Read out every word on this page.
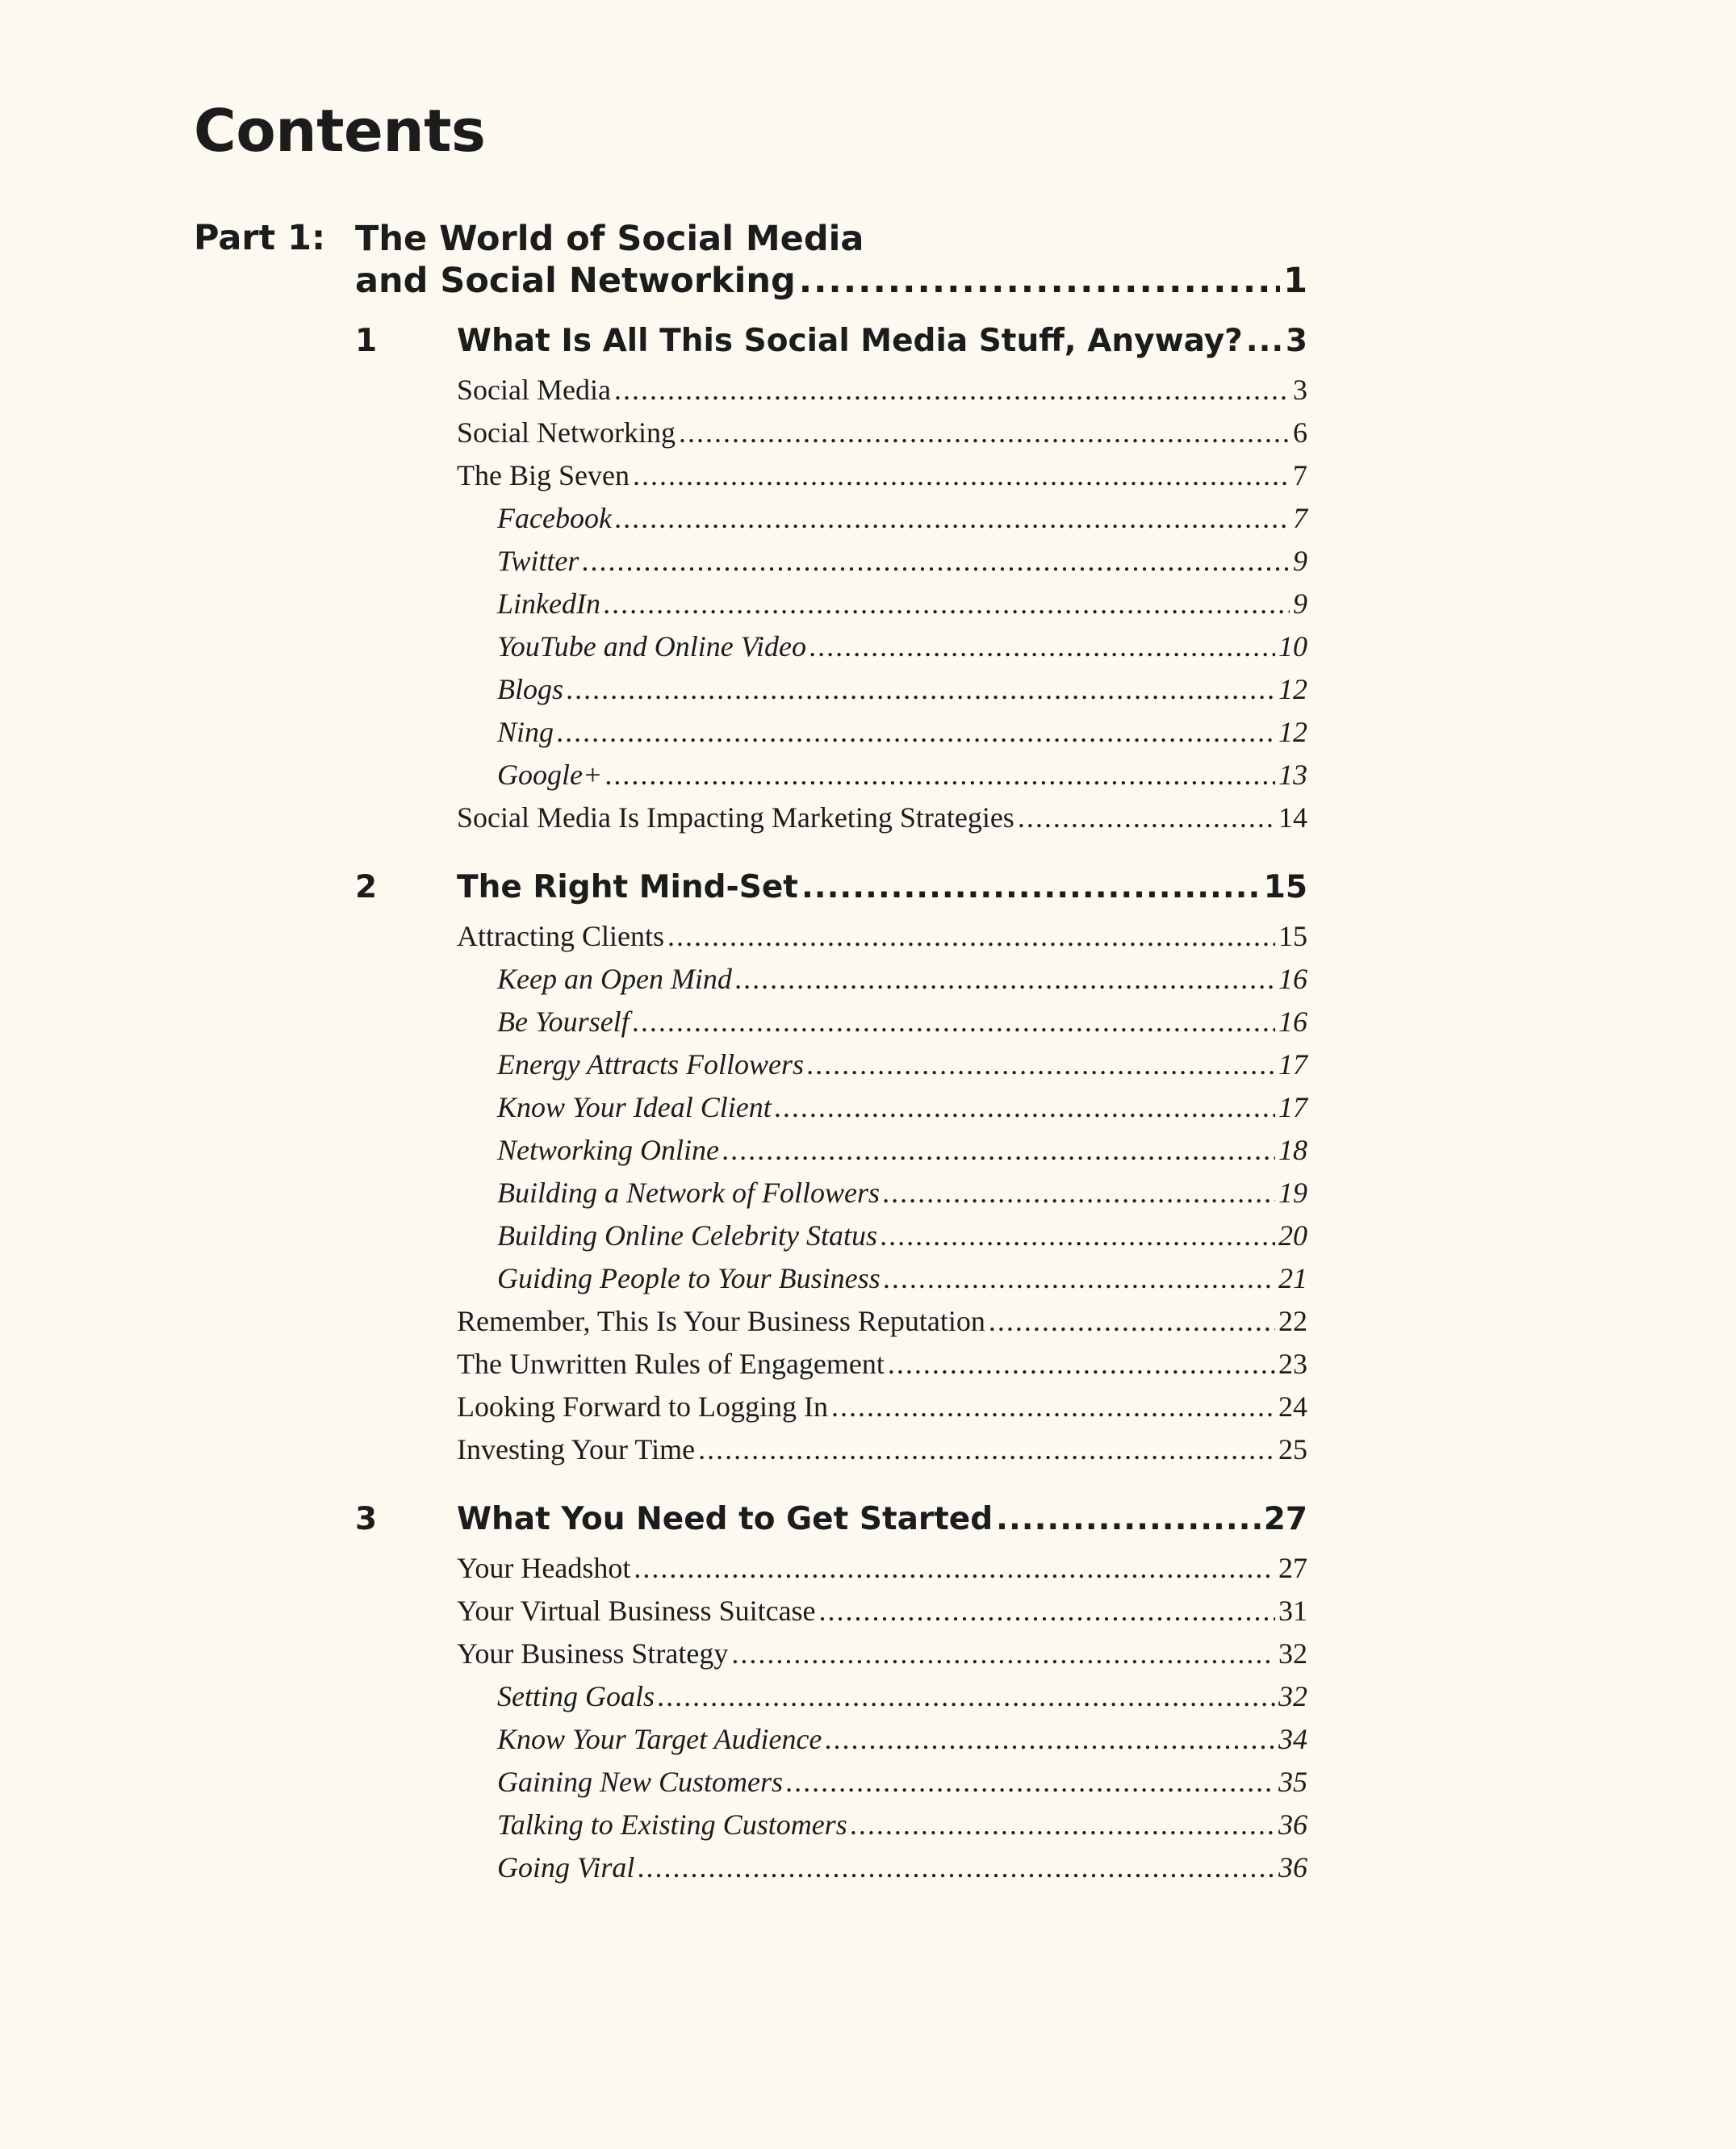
Contents
Part 1: The World of Social Media
and Social Networking .....	1
1	What Is All This Social Media Stuff, Anyway? ..... 3
Social Media .....	3
Social Networking .....	6
The Big Seven .....	7
Facebook .....	7
Twitter .....	9
LinkedIn .....	9
YouTube and Online Video .....	10
Blogs .....	12
Ning .....	12
Google+ .....	13
Social Media Is Impacting Marketing Strategies .....	14
2	The Right Mind-Set .....	15
Attracting Clients .....	15
Keep an Open Mind .....	16
Be Yourself .....	16
Energy Attracts Followers .....	17
Know Your Ideal Client .....	17
Networking Online .....	18
Building a Network of Followers .....	19
Building Online Celebrity Status .....	20
Guiding People to Your Business .....	21
Remember, This Is Your Business Reputation .....	22
The Unwritten Rules of Engagement .....	23
Looking Forward to Logging In .....	24
Investing Your Time .....	25
3	What You Need to Get Started .....	27
Your Headshot .....	27
Your Virtual Business Suitcase .....	31
Your Business Strategy .....	32
Setting Goals .....	32
Know Your Target Audience .....	34
Gaining New Customers .....	35
Talking to Existing Customers .....	36
Going Viral .....	36
